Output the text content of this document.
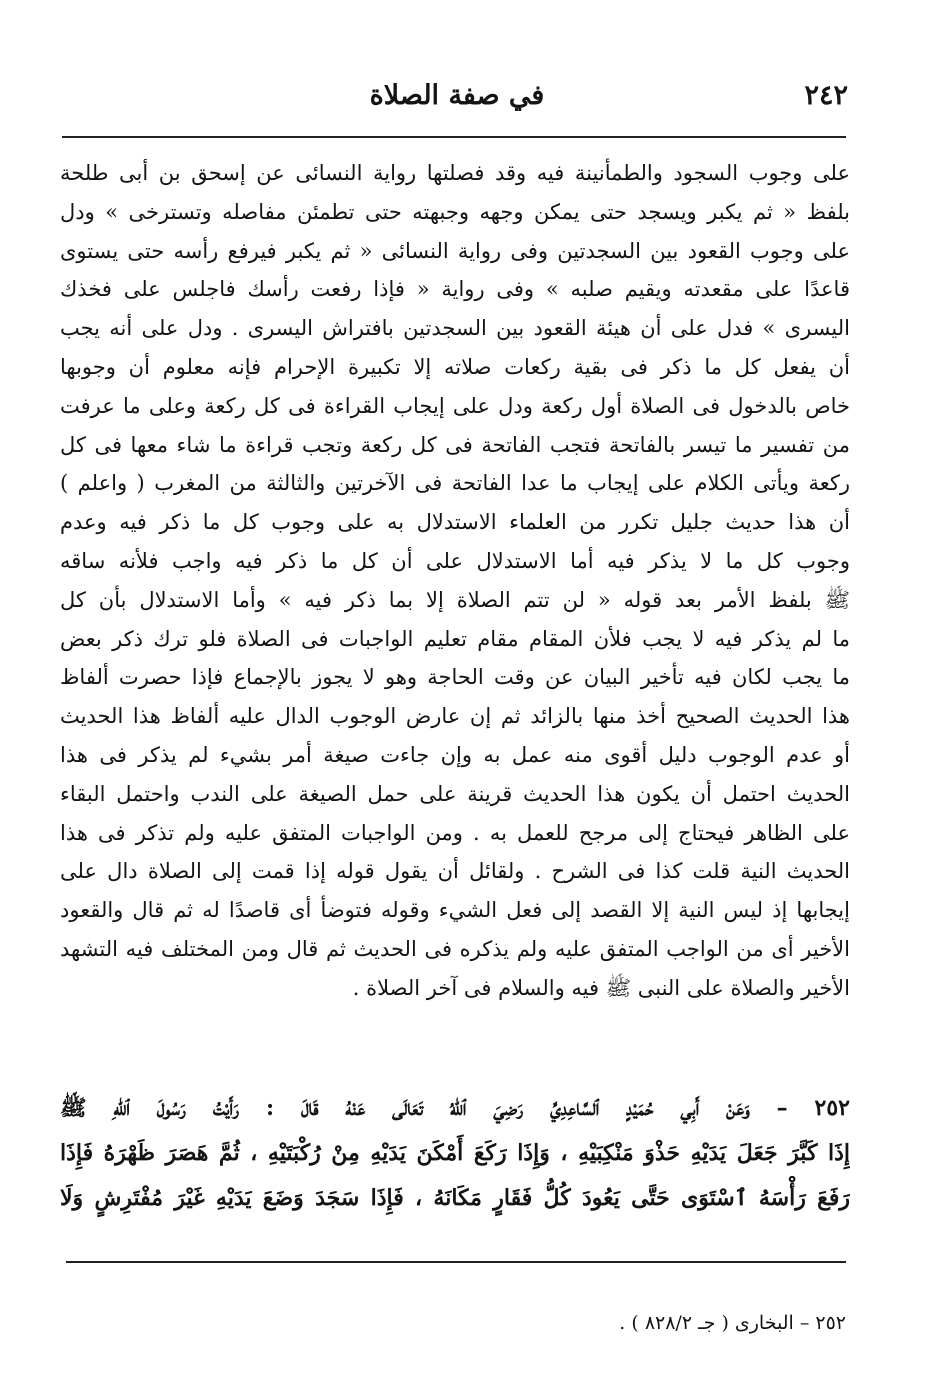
٢٤٢
في صفة الصلاة
على وجوب السجود والطمأنينة فيه وقد فصلتها رواية النسائى عن إسحق بن أبى طلحة
بلفظ « ثم يكبر ويسجد حتى يمكن وجهه وجبهته حتى تطمئن مفاصله وتسترخى » ودل
على وجوب القعود بين السجدتين وفى رواية النسائى « ثم يكبر فيرفع رأسه حتى يستوى
قاعدًا على مقعدته ويقيم صلبه » وفى رواية « فإذا رفعت رأسك فاجلس على فخذك
اليسرى » فدل على أن هيئة القعود بين السجدتين بافتراش اليسرى . ودل على أنه يجب
أن يفعل كل ما ذكر فى بقية ركعات صلاته إلا تكبيرة الإحرام فإنه معلوم أن وجوبها
خاص بالدخول فى الصلاة أول ركعة ودل على إيجاب القراءة فى كل ركعة وعلى ما عرفت
من تفسير ما تيسر بالفاتحة فتجب الفاتحة فى كل ركعة وتجب قراءة ما شاء معها فى كل
ركعة ويأتى الكلام على إيجاب ما عدا الفاتحة فى الآخرتين والثالثة من المغرب ( واعلم )
أن هذا حديث جليل تكرر من العلماء الاستدلال به على وجوب كل ما ذكر فيه وعدم
وجوب كل ما لا يذكر فيه أما الاستدلال على أن كل ما ذكر فيه واجب فلأنه ساقه
ﷺ بلفظ الأمر بعد قوله « لن تتم الصلاة إلا بما ذكر فيه » وأما الاستدلال بأن كل
ما لم يذكر فيه لا يجب فلأن المقام مقام تعليم الواجبات فى الصلاة فلو ترك ذكر بعض
ما يجب لكان فيه تأخير البيان عن وقت الحاجة وهو لا يجوز بالإجماع فإذا حصرت ألفاظ
هذا الحديث الصحيح أخذ منها بالزائد ثم إن عارض الوجوب الدال عليه ألفاظ هذا الحديث
أو عدم الوجوب دليل أقوى منه عمل به وإن جاءت صيغة أمر بشيء لم يذكر فى هذا
الحديث احتمل أن يكون هذا الحديث قرينة على حمل الصيغة على الندب واحتمل البقاء
على الظاهر فيحتاج إلى مرجح للعمل به . ومن الواجبات المتفق عليه ولم تذكر فى هذا
الحديث النية قلت كذا فى الشرح . ولقائل أن يقول قوله إذا قمت إلى الصلاة دال على
إيجابها إذ ليس النية إلا القصد إلى فعل الشيء وقوله فتوضأ أى قاصدًا له ثم قال والقعود
الأخير أى من الواجب المتفق عليه ولم يذكره فى الحديث ثم قال ومن المختلف فيه التشهد
الأخير والصلاة على النبى ﷺ فيه والسلام فى آخر الصلاة .
٢٥٢ – وَعَنْ أَبِي حُمَيْدٍ ٱلسَّاعِدِيِّ رَضِيَ ٱللّٰهُ تَعَالَى عَنْهُ قَالَ : رَأَيْتُ رَسُولَ ٱللّٰهِ ﷺ
إِذَا كَبَّرَ جَعَلَ يَدَيْهِ حَذْوَ مَنْكِبَيْهِ ، وَإِذَا رَكَعَ أَمْكَنَ يَدَيْهِ مِنْ رُكْبَتَيْهِ ، ثُمَّ هَصَرَ ظَهْرَهُ فَإِذَا
رَفَعَ رَأْسَهُ ٱسْتَوَى حَتَّى يَعُودَ كُلُّ فَقَارٍ مَكَانَهُ ، فَإِذَا سَجَدَ وَضَعَ يَدَيْهِ غَيْرَ مُفْتَرِشٍ وَلَا
٢٥٢ – البخارى ( جـ ٨٢٨/٢ ) .
